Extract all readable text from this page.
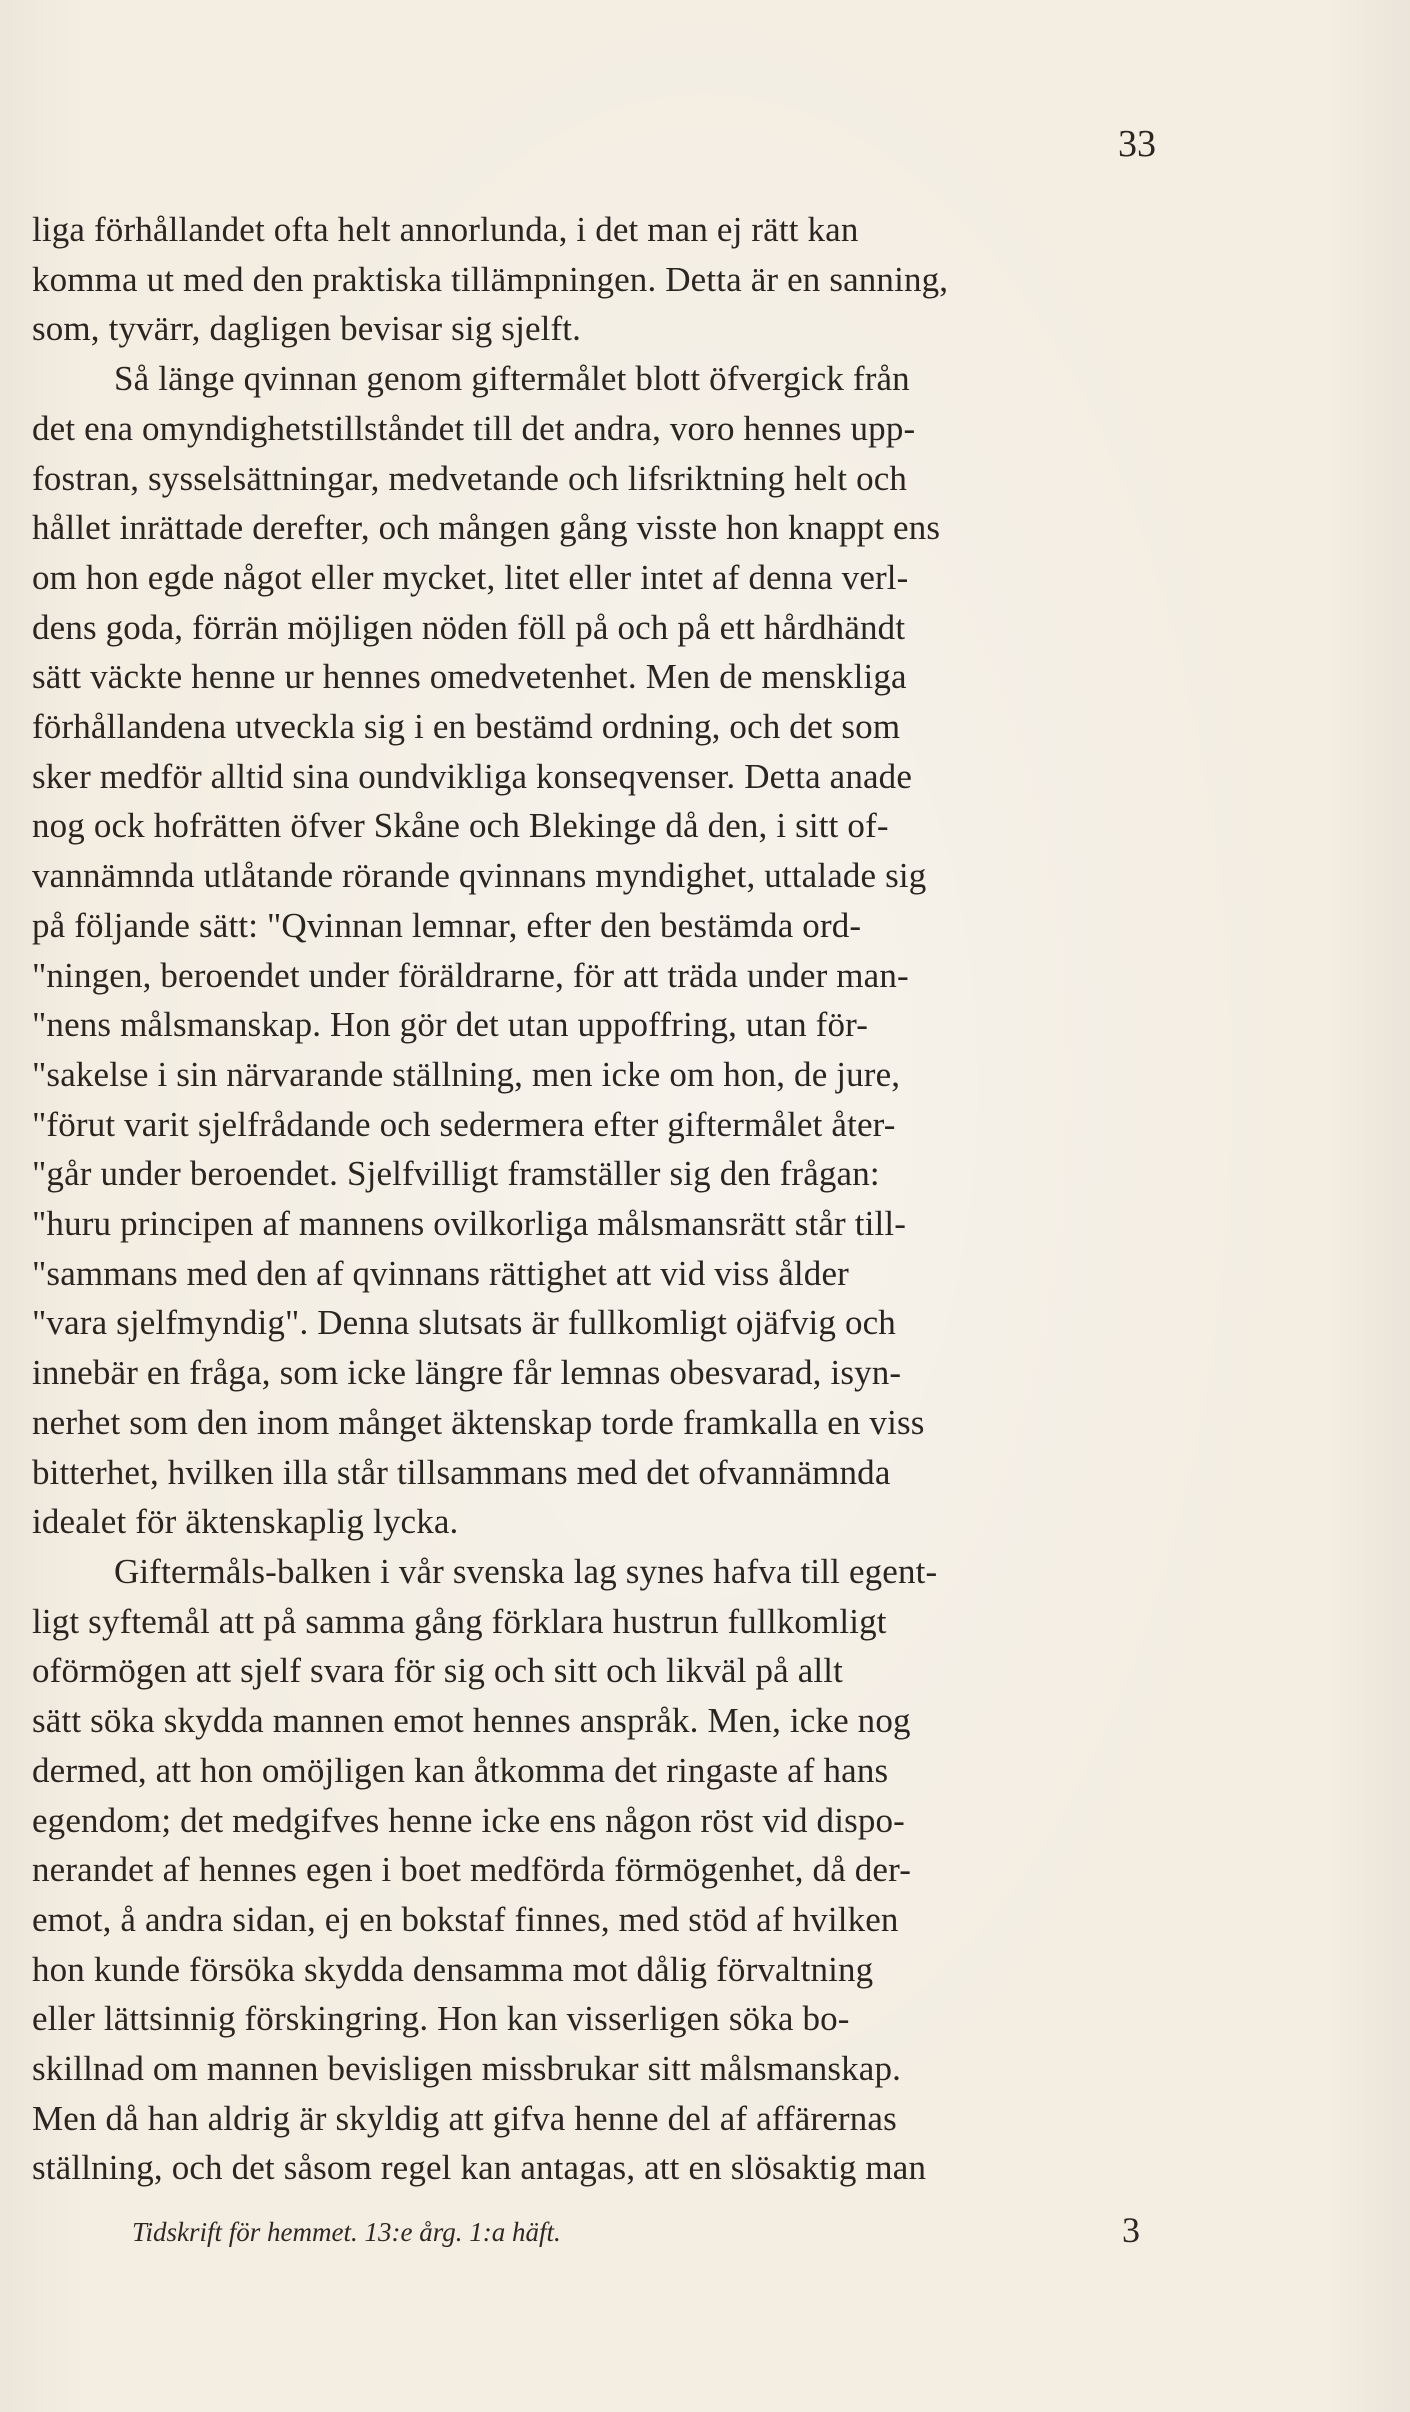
33
liga förhållandet ofta helt annorlunda, i det man ej rätt kan
komma ut med den praktiska tillämpningen. Detta är en sanning,
som, tyvärr, dagligen bevisar sig sjelft.
Så länge qvinnan genom giftermålet blott öfvergick från
det ena omyndighetstillståndet till det andra, voro hennes upp-
fostran, sysselsättningar, medvetande och lifsriktning helt och
hållet inrättade derefter, och mången gång visste hon knappt ens
om hon egde något eller mycket, litet eller intet af denna verl-
dens goda, förrän möjligen nöden föll på och på ett hårdhändt
sätt väckte henne ur hennes omedvetenhet. Men de menskliga
förhållandena utveckla sig i en bestämd ordning, och det som
sker medför alltid sina oundvikliga konseqvenser. Detta anade
nog ock hofrätten öfver Skåne och Blekinge då den, i sitt of-
vannämnda utlåtande rörande qvinnans myndighet, uttalade sig
på följande sätt: "Qvinnan lemnar, efter den bestämda ord-
"ningen, beroendet under föräldrarne, för att träda under man-
"nens målsmanskap. Hon gör det utan uppoffring, utan för-
"sakelse i sin närvarande ställning, men icke om hon, de jure,
"förut varit sjelfrådande och sedermera efter giftermålet åter-
"går under beroendet. Sjelfvilligt framställer sig den frågan:
"huru principen af mannens ovilkorliga målsmansrätt står till-
"sammans med den af qvinnans rättighet att vid viss ålder
"vara sjelfmyndig". Denna slutsats är fullkomligt ojäfvig och
innebär en fråga, som icke längre får lemnas obesvarad, isyn-
nerhet som den inom månget äktenskap torde framkalla en viss
bitterhet, hvilken illa står tillsammans med det ofvannämnda
idealet för äktenskaplig lycka.
Giftermåls-balken i vår svenska lag synes hafva till egent-
ligt syftemål att på samma gång förklara hustrun fullkomligt
oförmögen att sjelf svara för sig och sitt och likväl på allt
sätt söka skydda mannen emot hennes anspråk. Men, icke nog
dermed, att hon omöjligen kan åtkomma det ringaste af hans
egendom; det medgifves henne icke ens någon röst vid dispo-
nerandet af hennes egen i boet medförda förmögenhet, då der-
emot, å andra sidan, ej en bokstaf finnes, med stöd af hvilken
hon kunde försöka skydda densamma mot dålig förvaltning
eller lättsinnig förskingring. Hon kan visserligen söka bo-
skillnad om mannen bevisligen missbrukar sitt målsmanskap.
Men då han aldrig är skyldig att gifva henne del af affärernas
ställning, och det såsom regel kan antagas, att en slösaktig man
Tidskrift för hemmet. 13:e årg. 1:a häft.	3
